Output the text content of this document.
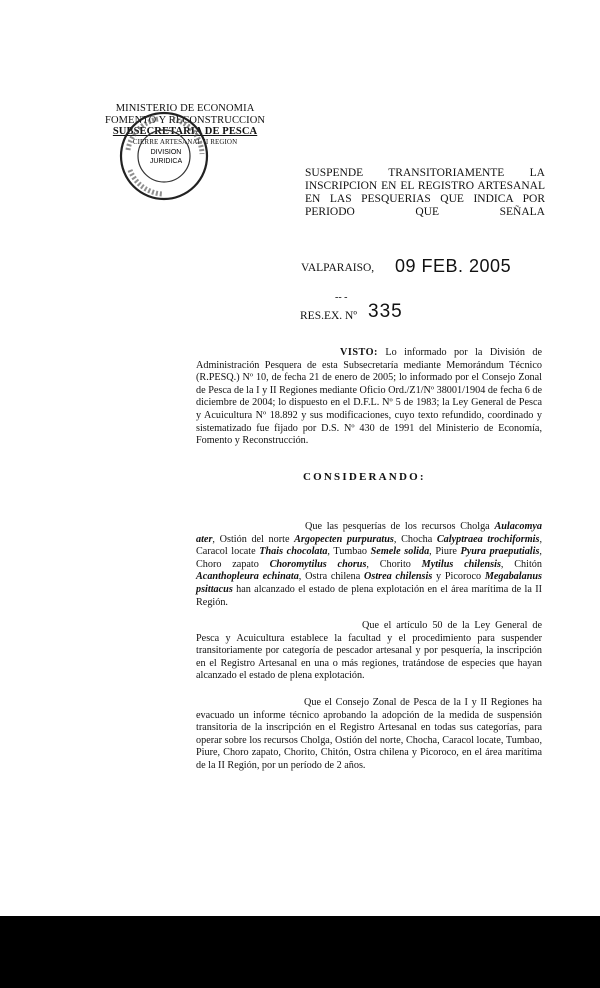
MINISTERIO DE ECONOMIA
FOMENTO Y RECONSTRUCCION
SUBSECRETARIA DE PESCA
CIERRE ARTESANAL II REGION
DIVISION
JURIDICA
SUSPENDE TRANSITORIAMENTE LA INSCRIPCION EN EL REGISTRO ARTESANAL EN LAS PESQUERIAS QUE INDICA POR PERIODO QUE SEÑALA
VALPARAISO, 09 FEB. 2005
-- -
RES.EX. Nº 335
VISTO: Lo informado por la División de Administración Pesquera de esta Subsecretaría mediante Memorándum Técnico (R.PESQ.) Nº 10, de fecha 21 de enero de 2005; lo informado por el Consejo Zonal de Pesca de la I y II Regiones mediante Oficio Ord./Z1/Nº 38001/1904 de fecha 6 de diciembre de 2004; lo dispuesto en el D.F.L. Nº 5 de 1983; la Ley General de Pesca y Acuicultura Nº 18.892 y sus modificaciones, cuyo texto refundido, coordinado y sistematizado fue fijado por D.S. Nº 430 de 1991 del Ministerio de Economía, Fomento y Reconstrucción.
CONSIDERANDO:
Que las pesquerías de los recursos Cholga Aulacomya ater, Ostión del norte Argopecten purpuratus, Chocha Calyptraea trochiformis, Caracol locate Thais chocolata, Tumbao Semele solida, Piure Pyura praeputialis, Choro zapato Choromytilus chorus, Chorito Mytilus chilensis, Chitón Acanthopleura echinata, Ostra chilena Ostrea chilensis y Picoroco Megabalanus psittacus han alcanzado el estado de plena explotación en el área marítima de la II Región.
Que el artículo 50 de la Ley General de Pesca y Acuicultura establece la facultad y el procedimiento para suspender transitoriamente por categoría de pescador artesanal y por pesquería, la inscripción en el Registro Artesanal en una o más regiones, tratándose de especies que hayan alcanzado el estado de plena explotación.
Que el Consejo Zonal de Pesca de la I y II Regiones ha evacuado un informe técnico aprobando la adopción de la medida de suspensión transitoria de la inscripción en el Registro Artesanal en todas sus categorías, para operar sobre los recursos Cholga, Ostión del norte, Chocha, Caracol locate, Tumbao, Piure, Choro zapato, Chorito, Chitón, Ostra chilena y Picoroco, en el área marítima de la II Región, por un período de 2 años.
